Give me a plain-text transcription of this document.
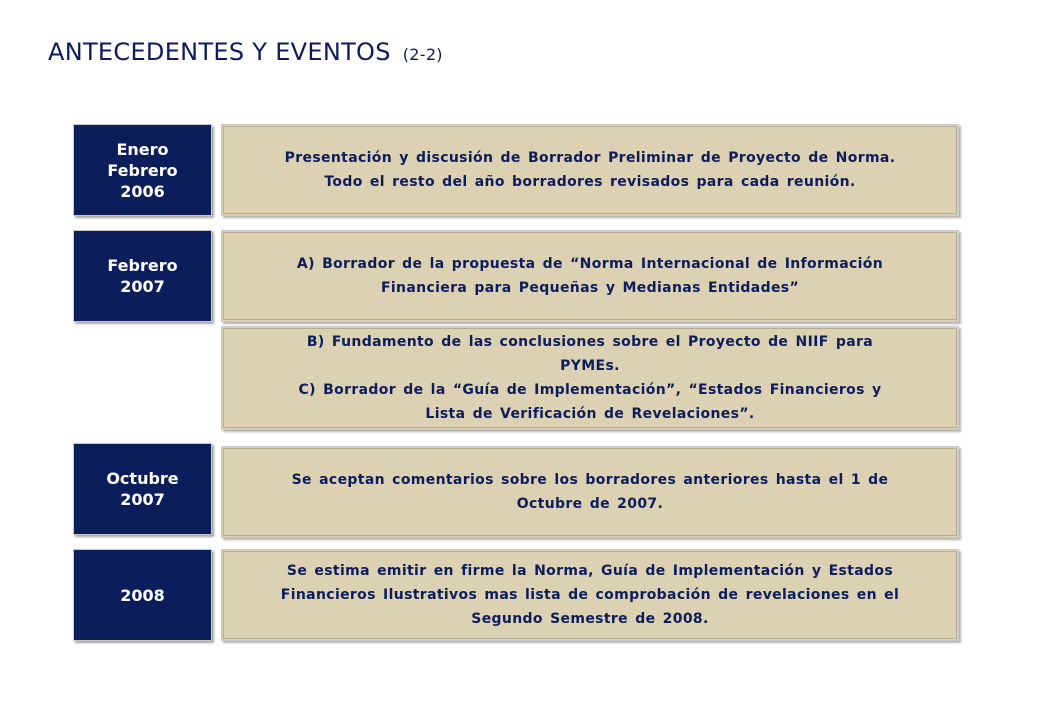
ANTECEDENTES Y EVENTOS (2-2)
Enero
Febrero
2006
Presentación y discusión de Borrador Preliminar de Proyecto de Norma.
Todo el resto del año borradores revisados para cada reunión.
Febrero
2007
A) Borrador de la propuesta de “Norma Internacional de Información
Financiera para Pequeñas y Medianas Entidades”
B) Fundamento de las conclusiones sobre el Proyecto de NIIF para
PYMEs.
C) Borrador de la “Guía de Implementación”, “Estados Financieros y
Lista de Verificación de Revelaciones”.
Octubre
2007
Se aceptan comentarios sobre los borradores anteriores hasta el 1 de
Octubre de 2007.
2008
Se estima emitir en firme la Norma, Guía de Implementación y Estados
Financieros Ilustrativos mas lista de comprobación de revelaciones en el
Segundo Semestre de 2008.
